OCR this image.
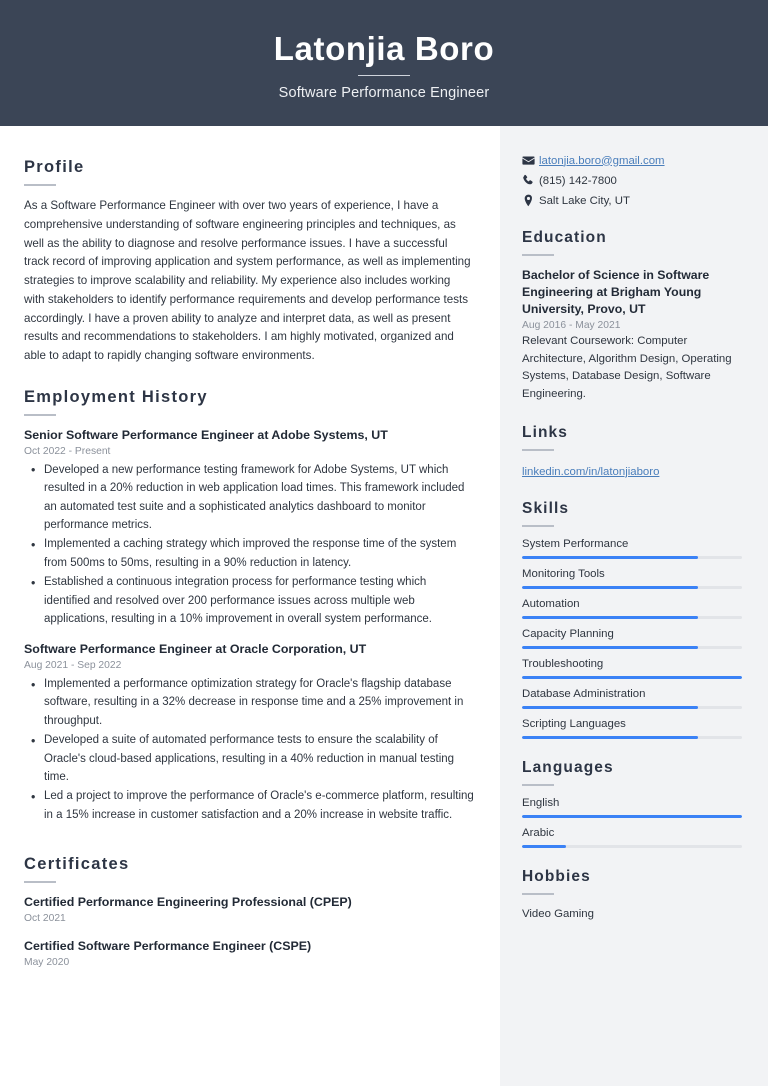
Latonjia Boro
Software Performance Engineer
Profile
As a Software Performance Engineer with over two years of experience, I have a comprehensive understanding of software engineering principles and techniques, as well as the ability to diagnose and resolve performance issues. I have a successful track record of improving application and system performance, as well as implementing strategies to improve scalability and reliability. My experience also includes working with stakeholders to identify performance requirements and develop performance tests accordingly. I have a proven ability to analyze and interpret data, as well as present results and recommendations to stakeholders. I am highly motivated, organized and able to adapt to rapidly changing software environments.
Employment History
Senior Software Performance Engineer at Adobe Systems, UT
Oct 2022 - Present
• Developed a new performance testing framework for Adobe Systems, UT which resulted in a 20% reduction in web application load times. This framework included an automated test suite and a sophisticated analytics dashboard to monitor performance metrics.
• Implemented a caching strategy which improved the response time of the system from 500ms to 50ms, resulting in a 90% reduction in latency.
• Established a continuous integration process for performance testing which identified and resolved over 200 performance issues across multiple web applications, resulting in a 10% improvement in overall system performance.
Software Performance Engineer at Oracle Corporation, UT
Aug 2021 - Sep 2022
• Implemented a performance optimization strategy for Oracle's flagship database software, resulting in a 32% decrease in response time and a 25% improvement in throughput.
• Developed a suite of automated performance tests to ensure the scalability of Oracle's cloud-based applications, resulting in a 40% reduction in manual testing time.
• Led a project to improve the performance of Oracle's e-commerce platform, resulting in a 15% increase in customer satisfaction and a 20% increase in website traffic.
Certificates
Certified Performance Engineering Professional (CPEP)
Oct 2021
Certified Software Performance Engineer (CSPE)
May 2020
latonjia.boro@gmail.com
(815) 142-7800
Salt Lake City, UT
Education
Bachelor of Science in Software Engineering at Brigham Young University, Provo, UT
Aug 2016 - May 2021
Relevant Coursework: Computer Architecture, Algorithm Design, Operating Systems, Database Design, Software Engineering.
Links
linkedin.com/in/latonjiaboro
Skills
System Performance
Monitoring Tools
Automation
Capacity Planning
Troubleshooting
Database Administration
Scripting Languages
Languages
English
Arabic
Hobbies
Video Gaming
